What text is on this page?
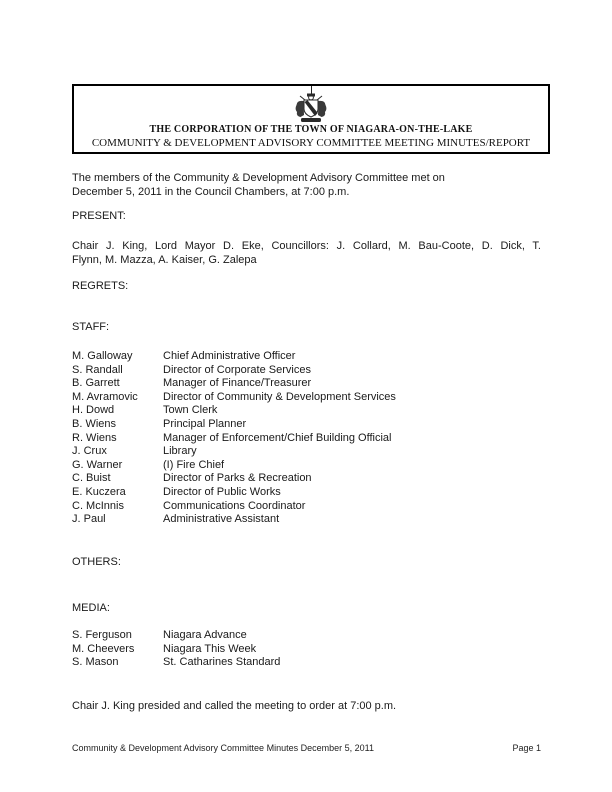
THE CORPORATION OF THE TOWN OF NIAGARA-ON-THE-LAKE
COMMUNITY & DEVELOPMENT ADVISORY COMMITTEE MEETING MINUTES/REPORT
The members of the Community & Development Advisory Committee met on
December 5, 2011 in the Council Chambers, at 7:00 p.m.
PRESENT:
Chair J. King, Lord Mayor D. Eke, Councillors: J. Collard, M. Bau-Coote, D. Dick, T.
Flynn, M. Mazza, A. Kaiser, G. Zalepa
REGRETS:
STAFF:
M. Galloway	Chief Administrative Officer
S. Randall	Director of Corporate Services
B. Garrett	Manager of Finance/Treasurer
M. Avramovic	Director of Community & Development Services
H. Dowd	Town Clerk
B. Wiens	Principal Planner
R. Wiens	Manager of Enforcement/Chief Building Official
J. Crux	Library
G. Warner	(I) Fire Chief
C. Buist	Director of Parks & Recreation
E. Kuczera	Director of Public Works
C. McInnis	Communications Coordinator
J. Paul	Administrative Assistant
OTHERS:
MEDIA:
S. Ferguson	Niagara Advance
M. Cheevers	Niagara This Week
S. Mason	St. Catharines Standard
Chair J. King presided and called the meeting to order at 7:00 p.m.
Community & Development Advisory Committee Minutes December 5, 2011	Page 1
